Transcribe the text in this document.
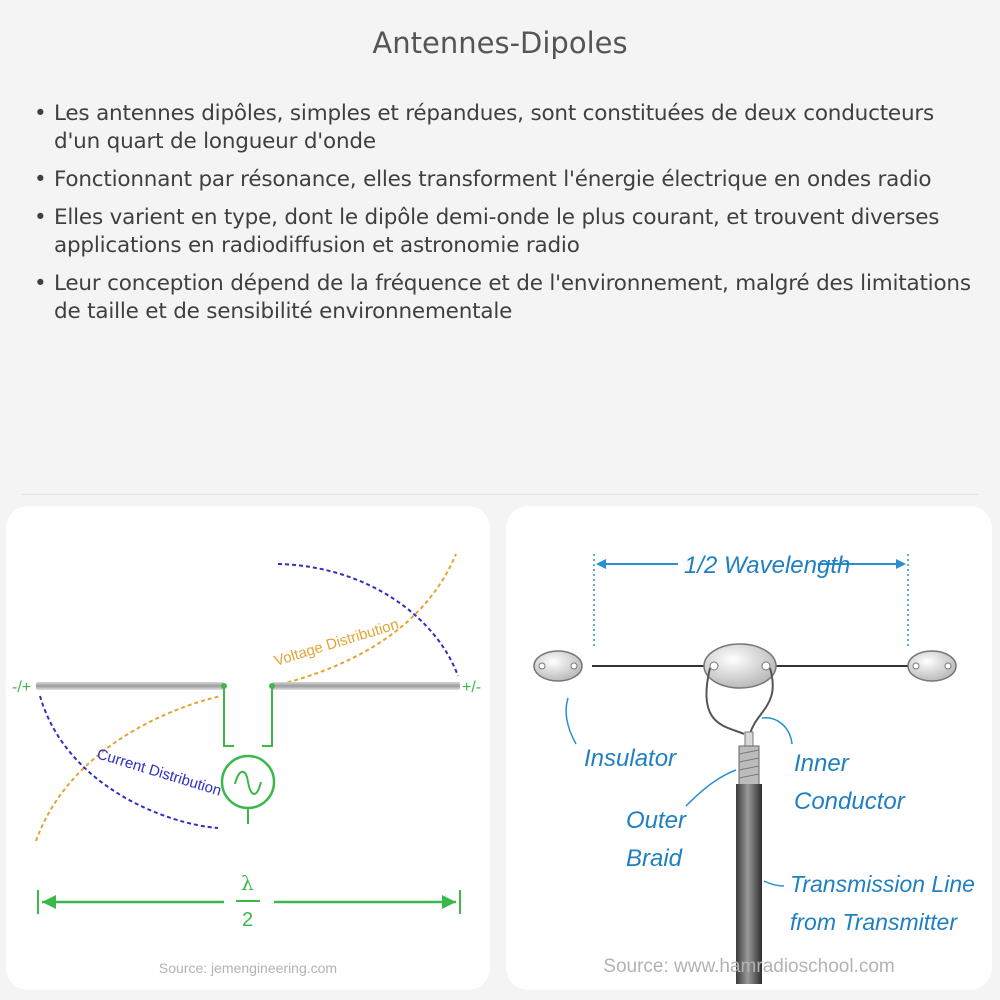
Antennes-Dipoles
• Les antennes dipôles, simples et répandues, sont constituées de deux conducteurs d'un quart de longueur d'onde
• Fonctionnant par résonance, elles transforment l'énergie électrique en ondes radio
• Elles varient en type, dont le dipôle demi-onde le plus courant, et trouvent diverses applications en radiodiffusion et astronomie radio
• Leur conception dépend de la fréquence et de l'environnement, malgré des limitations de taille et de sensibilité environnementale
-/+	+/-
Voltage Distribution
Current Distribution
λ
2
Source: jemengineering.com
1/2 Wavelength
Insulator	Inner
Conductor
Outer
Braid
Transmission Line
from Transmitter
Source: www.hamradioschool.com
